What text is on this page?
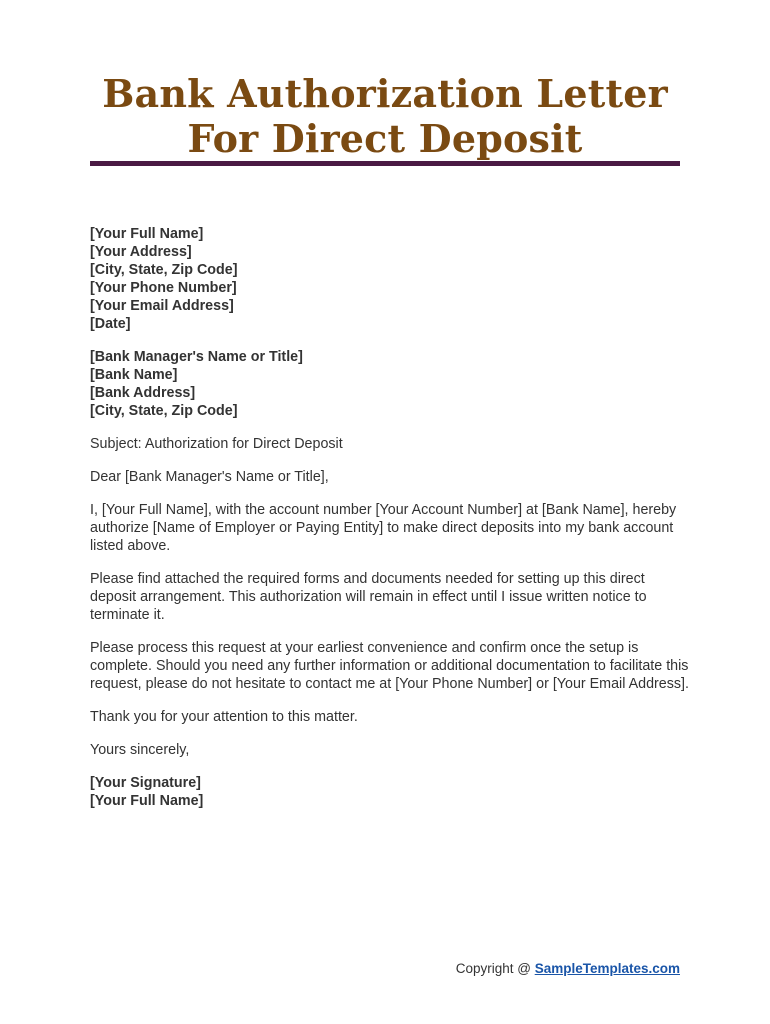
Bank Authorization Letter
For Direct Deposit
[Your Full Name]
[Your Address]
[City, State, Zip Code]
[Your Phone Number]
[Your Email Address]
[Date]
[Bank Manager's Name or Title]
[Bank Name]
[Bank Address]
[City, State, Zip Code]

Subject: Authorization for Direct Deposit

Dear [Bank Manager's Name or Title],

I, [Your Full Name], with the account number [Your Account Number] at [Bank Name], hereby authorize [Name of Employer or Paying Entity] to make direct deposits into my bank account listed above.

Please find attached the required forms and documents needed for setting up this direct deposit arrangement. This authorization will remain in effect until I issue written notice to terminate it.

Please process this request at your earliest convenience and confirm once the setup is complete. Should you need any further information or additional documentation to facilitate this request, please do not hesitate to contact me at [Your Phone Number] or [Your Email Address].

Thank you for your attention to this matter.

Yours sincerely,

[Your Signature]
[Your Full Name]
Copyright @ SampleTemplates.com
